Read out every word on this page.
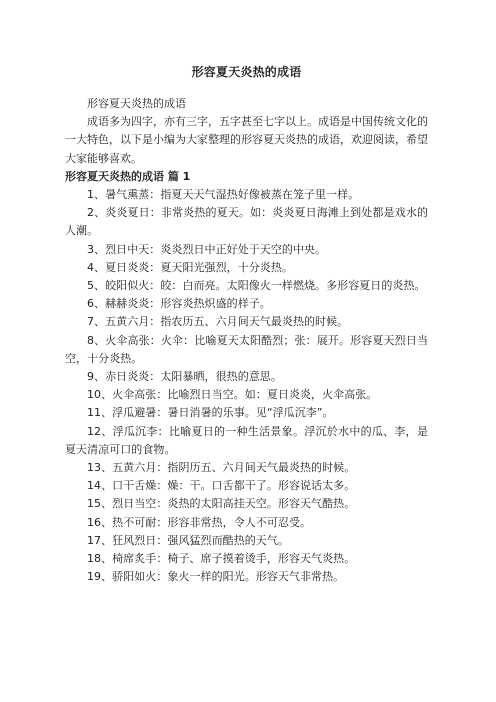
形容夏天炎热的成语

形容夏天炎热的成语

成语多为四字，亦有三字，五字甚至七字以上。成语是中国传统文化的一大特色，以下是小编为大家整理的形容夏天炎热的成语，欢迎阅读，希望大家能够喜欢。

形容夏天炎热的成语 篇 1

1、暑气熏蒸：指夏天天气湿热好像被蒸在笼子里一样。
2、炎炎夏日：非常炎热的夏天。如：炎炎夏日海滩上到处都是戏水的人潮。
3、烈日中天：炎炎烈日中正好处于天空的中央。
4、夏日炎炎：夏天阳光强烈，十分炎热。
5、皎阳似火：皎：白而亮。太阳像火一样燃烧。多形容夏日的炎热。
6、赫赫炎炎：形容炎热炽盛的样子。
7、五黄六月：指农历五、六月间天气最炎热的时候。
8、火伞高张：火伞：比喻夏天太阳酷烈；张：展开。形容夏天烈日当空，十分炎热。
9、赤日炎炎：太阳暴晒，很热的意思。
10、火伞高张：比喻烈日当空。如：夏日炎炎，火伞高张。
11、浮瓜避暑：暑日消暑的乐事。见“浮瓜沉李”。
12、浮瓜沉李：比喻夏日的一种生活景象。浮沉於水中的瓜、李，是夏天清凉可口的食物。
13、五黄六月：指阴历五、六月间天气最炎热的时候。
14、口干舌燥：燥：干。口舌都干了。形容说话太多。
15、烈日当空：炎热的太阳高挂天空。形容天气酷热。
16、热不可耐：形容非常热，令人不可忍受。
17、狂风烈日：强风猛烈而酷热的天气。
18、椅席炙手：椅子、席子摸着烫手，形容天气炎热。
19、骄阳如火：象火一样的阳光。形容天气非常热。
